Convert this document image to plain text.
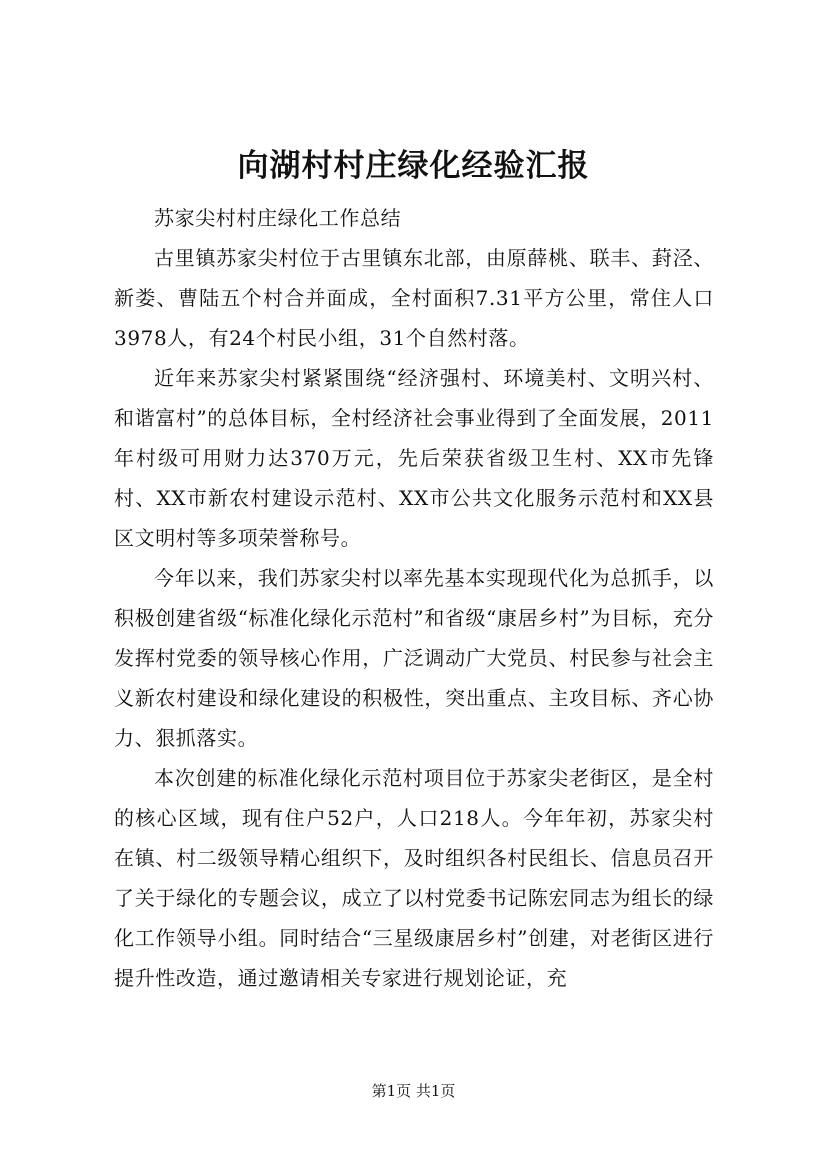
向湖村村庄绿化经验汇报

苏家尖村村庄绿化工作总结

古里镇苏家尖村位于古里镇东北部，由原薛桃、联丰、葑泾、新娄、曹陆五个村合并面成，全村面积7.31平方公里，常住人口3978人，有24个村民小组，31个自然村落。

近年来苏家尖村紧紧围绕“经济强村、环境美村、文明兴村、和谐富村”的总体目标，全村经济社会事业得到了全面发展，2011年村级可用财力达370万元，先后荣获省级卫生村、XX市先锋村、XX市新农村建设示范村、XX市公共文化服务示范村和XX县区文明村等多项荣誉称号。

今年以来，我们苏家尖村以率先基本实现现代化为总抓手，以积极创建省级“标准化绿化示范村”和省级“康居乡村”为目标，充分发挥村党委的领导核心作用，广泛调动广大党员、村民参与社会主义新农村建设和绿化建设的积极性，突出重点、主攻目标、齐心协力、狠抓落实。

本次创建的标准化绿化示范村项目位于苏家尖老街区，是全村的核心区域，现有住户52户，人口218人。今年年初，苏家尖村在镇、村二级领导精心组织下，及时组织各村民组长、信息员召开了关于绿化的专题会议，成立了以村党委书记陈宏同志为组长的绿化工作领导小组。同时结合“三星级康居乡村”创建，对老街区进行提升性改造，通过邀请相关专家进行规划论证，充

第1页 共1页
